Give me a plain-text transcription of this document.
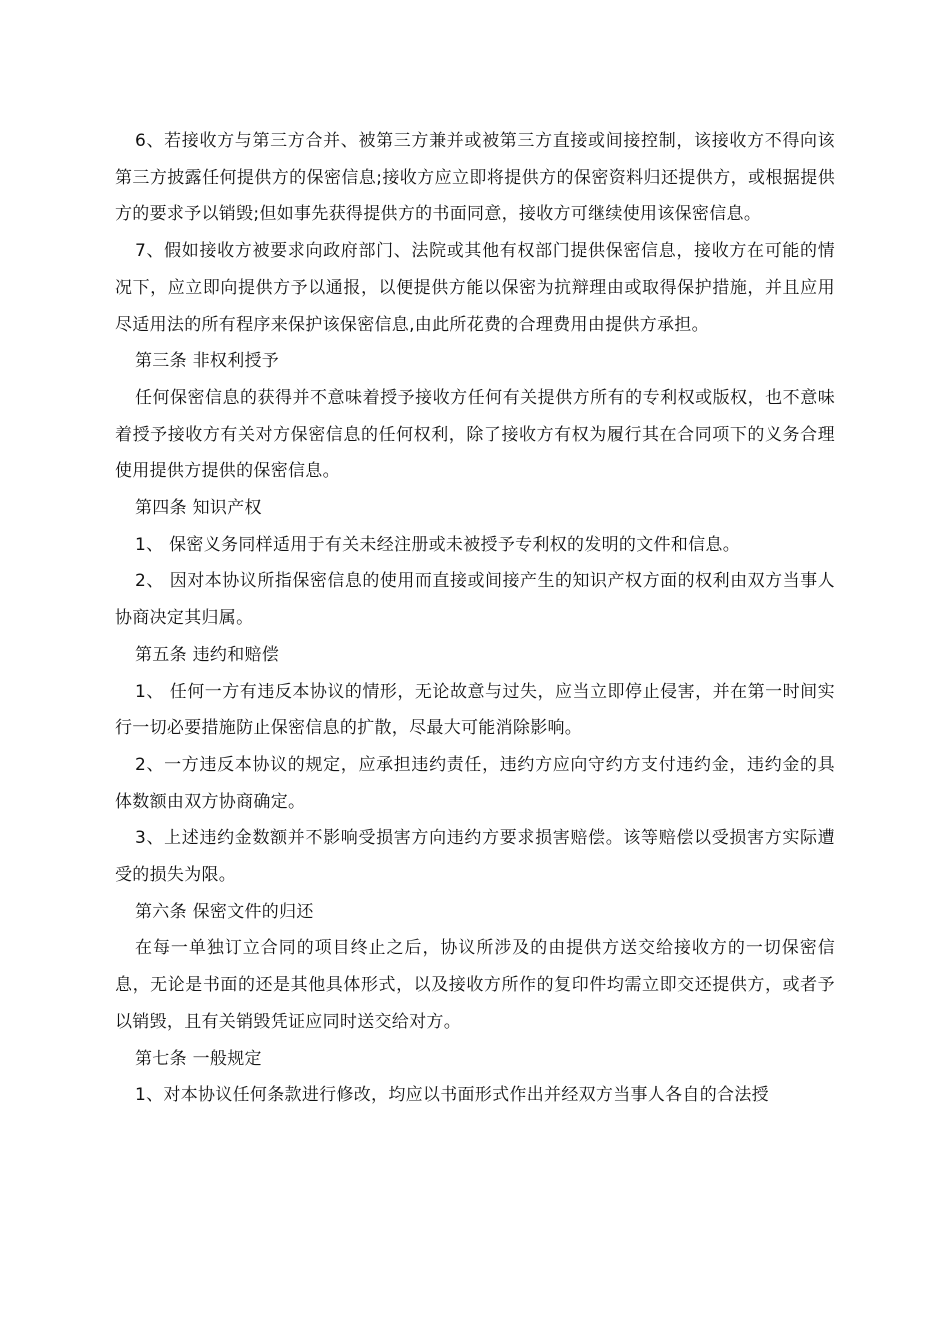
6、若接收方与第三方合并、被第三方兼并或被第三方直接或间接控制，该接收方不得向该第三方披露任何提供方的保密信息;接收方应立即将提供方的保密资料归还提供方，或根据提供方的要求予以销毁;但如事先获得提供方的书面同意，接收方可继续使用该保密信息。

7、假如接收方被要求向政府部门、法院或其他有权部门提供保密信息，接收方在可能的情况下，应立即向提供方予以通报，以便提供方能以保密为抗辩理由或取得保护措施，并且应用尽适用法的所有程序来保护该保密信息,由此所花费的合理费用由提供方承担。

第三条 非权利授予

任何保密信息的获得并不意味着授予接收方任何有关提供方所有的专利权或版权，也不意味着授予接收方有关对方保密信息的任何权利，除了接收方有权为履行其在合同项下的义务合理使用提供方提供的保密信息。

第四条 知识产权

1、 保密义务同样适用于有关未经注册或未被授予专利权的发明的文件和信息。

2、 因对本协议所指保密信息的使用而直接或间接产生的知识产权方面的权利由双方当事人协商决定其归属。

第五条 违约和赔偿

1、 任何一方有违反本协议的情形，无论故意与过失，应当立即停止侵害，并在第一时间实行一切必要措施防止保密信息的扩散，尽最大可能消除影响。

2、一方违反本协议的规定，应承担违约责任，违约方应向守约方支付违约金，违约金的具体数额由双方协商确定。

3、上述违约金数额并不影响受损害方向违约方要求损害赔偿。该等赔偿以受损害方实际遭受的损失为限。

第六条 保密文件的归还

在每一单独订立合同的项目终止之后，协议所涉及的由提供方送交给接收方的一切保密信息，无论是书面的还是其他具体形式，以及接收方所作的复印件均需立即交还提供方，或者予以销毁，且有关销毁凭证应同时送交给对方。

第七条 一般规定

1、对本协议任何条款进行修改，均应以书面形式作出并经双方当事人各自的合法授
